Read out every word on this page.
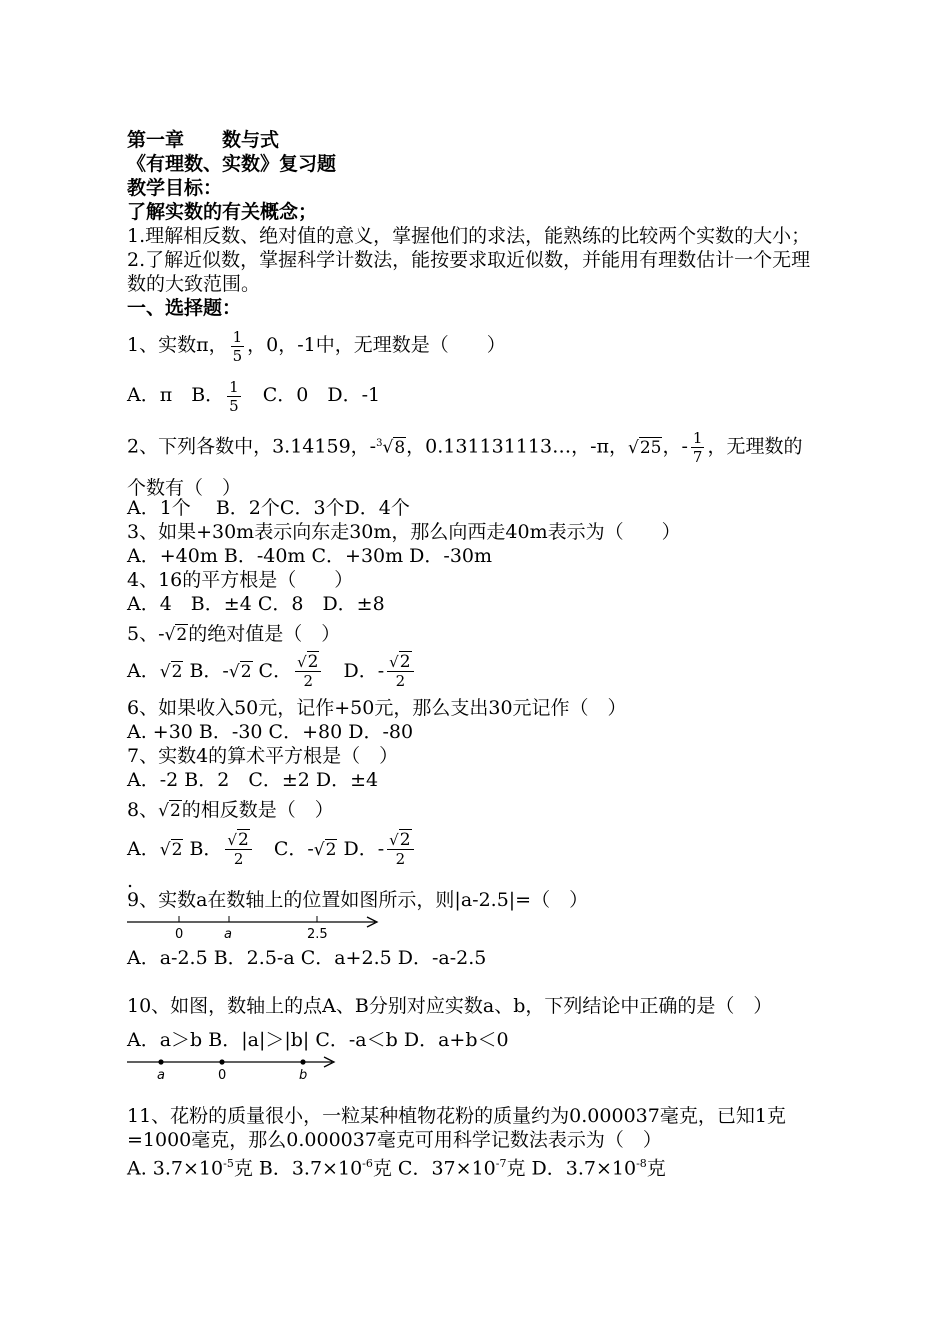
第一章　　数与式
《有理数、实数》复习题
教学目标：
了解实数的有关概念；
1.理解相反数、绝对值的意义，掌握他们的求法，能熟练的比较两个实数的大小；
2.了解近似数，掌握科学计数法，能按要求取近似数，并能用有理数估计一个无理数的大致范围。
一、选择题：
1、实数π， $\frac{1}{5}$ ，0，-1中，无理数是（　　）
A．π　B． $\frac{1}{5}$ 　C．0　D．-1
2、下列各数中，3.14159，-$^3$√8，0.131131113…，-π，√25，- $\frac{1}{7}$ ，无理数的个数有（　）
A．1个　 B．2个C．3个D．4个
3、如果+30m表示向东走30m，那么向西走40m表示为（　　）
A．+40m B．-40m C．+30m D．-30m
4、16的平方根是（　　）
A．4　B．±4 C．8　D．±8
5、-√2的绝对值是（　）
A．√2 B．-√2 C． $\frac{√2}{2}$ 　D．- $\frac{√2}{2}$
6、如果收入50元，记作+50元，那么支出30元记作（　）
A. +30 B．-30 C．+80 D．-80
7、实数4的算术平方根是（　）
A．-2 B．2　C．±2 D．±4
8、√2的相反数是（　）
A．√2 B． $\frac{√2}{2}$ 　C．-√2 D．- $\frac{√2}{2}$
.
9、实数a在数轴上的位置如图所示，则|a-2.5|=（　）
0	a	2.5
A．a-2.5 B．2.5-a C．a+2.5 D．-a-2.5
10、如图，数轴上的点A、B分别对应实数a、b，下列结论中正确的是（　）
A．a＞b B．|a|＞|b| C．-a＜b D．a+b＜0
a	0	b
11、花粉的质量很小，一粒某种植物花粉的质量约为0.000037毫克，已知1克=1000毫克，那么0.000037毫克可用科学记数法表示为（　）
A. $3.7\times 10^{-5}$克 B．$3.7\times 10^{-6}$克 C．$37\times 10^{-7}$克 D．$3.7\times 10^{-8}$克
